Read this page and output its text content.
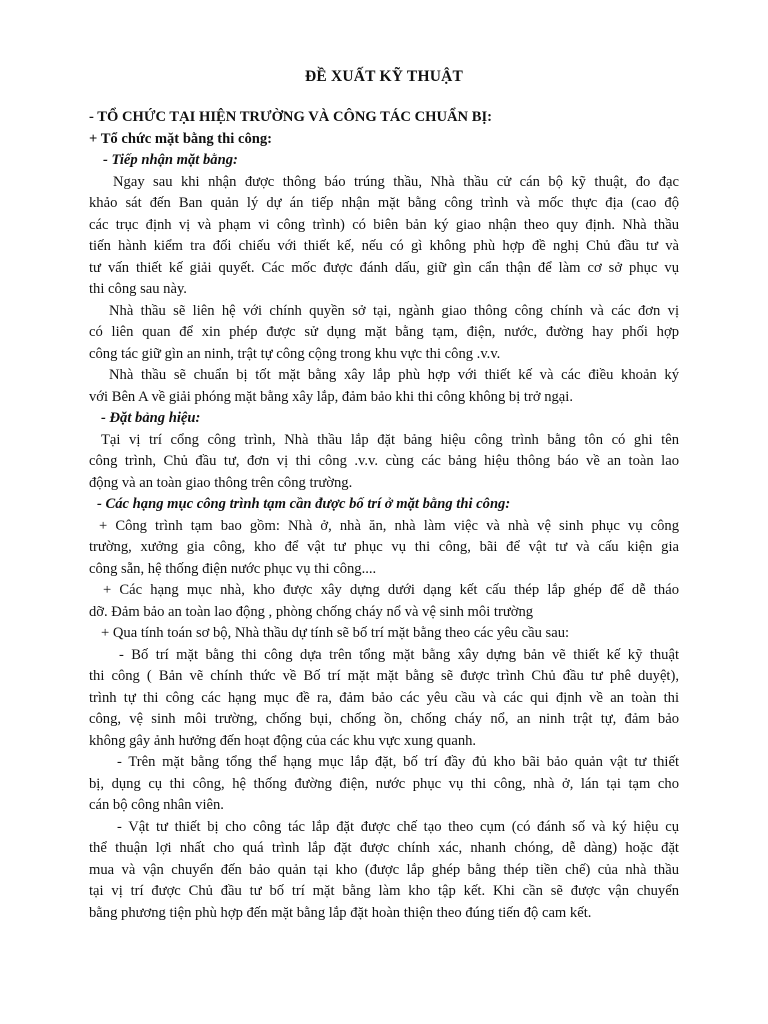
ĐỀ XUẤT KỸ THUẬT
- TỔ CHỨC TẠI HIỆN TRƯỜNG VÀ CÔNG TÁC CHUẨN BỊ:
+ Tổ chức mặt bằng thi công:
- Tiếp nhận mặt bằng:
Ngay sau khi nhận được thông báo trúng thầu, Nhà thầu cử cán bộ kỹ thuật, đo đạc
khảo sát đến Ban quản lý dự án tiếp nhận mặt bằng công trình và mốc thực địa (cao độ
các trục định vị và phạm vi công trình) có biên bản ký giao nhận theo quy định. Nhà thầu
tiến hành kiểm tra đối chiếu với thiết kế, nếu có gì không phù hợp đề nghị Chủ đầu tư và
tư vấn thiết kế giải quyết. Các mốc được đánh dấu, giữ gìn cẩn thận để làm cơ sở phục vụ
thi công sau này.
Nhà thầu sẽ liên hệ với chính quyền sở tại, ngành giao thông công chính và các đơn vị
có liên quan để xin phép được sử dụng mặt bằng tạm, điện, nước, đường hay phối hợp
công tác giữ gìn an ninh, trật tự công cộng trong khu vực thi công .v.v.
Nhà thầu sẽ chuẩn bị tốt mặt bằng xây lắp phù hợp với thiết kế và các điều khoản ký
với Bên A về giải phóng mặt bằng xây lắp, đảm bảo khi thi công không bị trở ngại.
- Đặt bảng hiệu:
Tại vị trí cổng công trình, Nhà thầu lắp đặt bảng hiệu công trình bằng tôn có ghi tên
công trình, Chủ đầu tư, đơn vị thi công .v.v. cùng các bảng hiệu thông báo về an toàn lao
động và an toàn giao thông trên công trường.
- Các hạng mục công trình tạm cần được bố trí ở mặt bằng thi công:
+ Công trình tạm bao gồm: Nhà ở, nhà ăn, nhà làm việc và nhà vệ sinh phục vụ công
trường, xưởng gia công, kho để vật tư phục vụ thi công, bãi để vật tư và cấu kiện gia
công sẵn, hệ thống điện nước phục vụ thi công....
+ Các hạng mục nhà, kho được xây dựng dưới dạng kết cấu thép lắp ghép để dễ tháo
dỡ. Đảm bảo an toàn lao động , phòng chống cháy nổ và vệ sinh môi trường
+ Qua tính toán sơ bộ, Nhà thầu dự tính sẽ bố trí mặt bằng theo các yêu cầu sau:
- Bố trí mặt bằng thi công dựa trên tổng mặt bằng xây dựng bản vẽ thiết kế kỹ thuật
thi công ( Bản vẽ chính thức về Bố trí mặt mặt bằng sẽ được trình Chủ đầu tư phê duyệt),
trình tự thi công các hạng mục đề ra, đảm bảo các yêu cầu và các qui định về an toàn thi
công, vệ sinh môi trường, chống bụi, chống ồn, chống cháy nổ, an ninh trật tự, đảm bảo
không gây ảnh hưởng đến hoạt động của các khu vực xung quanh.
- Trên mặt bằng tổng thể hạng mục lắp đặt, bố trí đầy đủ kho bãi bảo quản vật tư thiết
bị, dụng cụ thi công, hệ thống đường điện, nước phục vụ thi công, nhà ở, lán tại tạm cho
cán bộ công nhân viên.
- Vật tư thiết bị cho công tác lắp đặt được chế tạo theo cụm (có đánh số và ký hiệu cụ
thể thuận lợi nhất cho quá trình lắp đặt được chính xác, nhanh chóng, dễ dàng) hoặc đặt
mua và vận chuyển đến bảo quản tại kho (được lắp ghép bằng thép tiền chế) của nhà thầu
tại vị trí được Chủ đầu tư bố trí mặt bằng làm kho tập kết. Khi cần sẽ được vận chuyển
bằng phương tiện phù hợp đến mặt bằng lắp đặt hoàn thiện theo đúng tiến độ cam kết.
